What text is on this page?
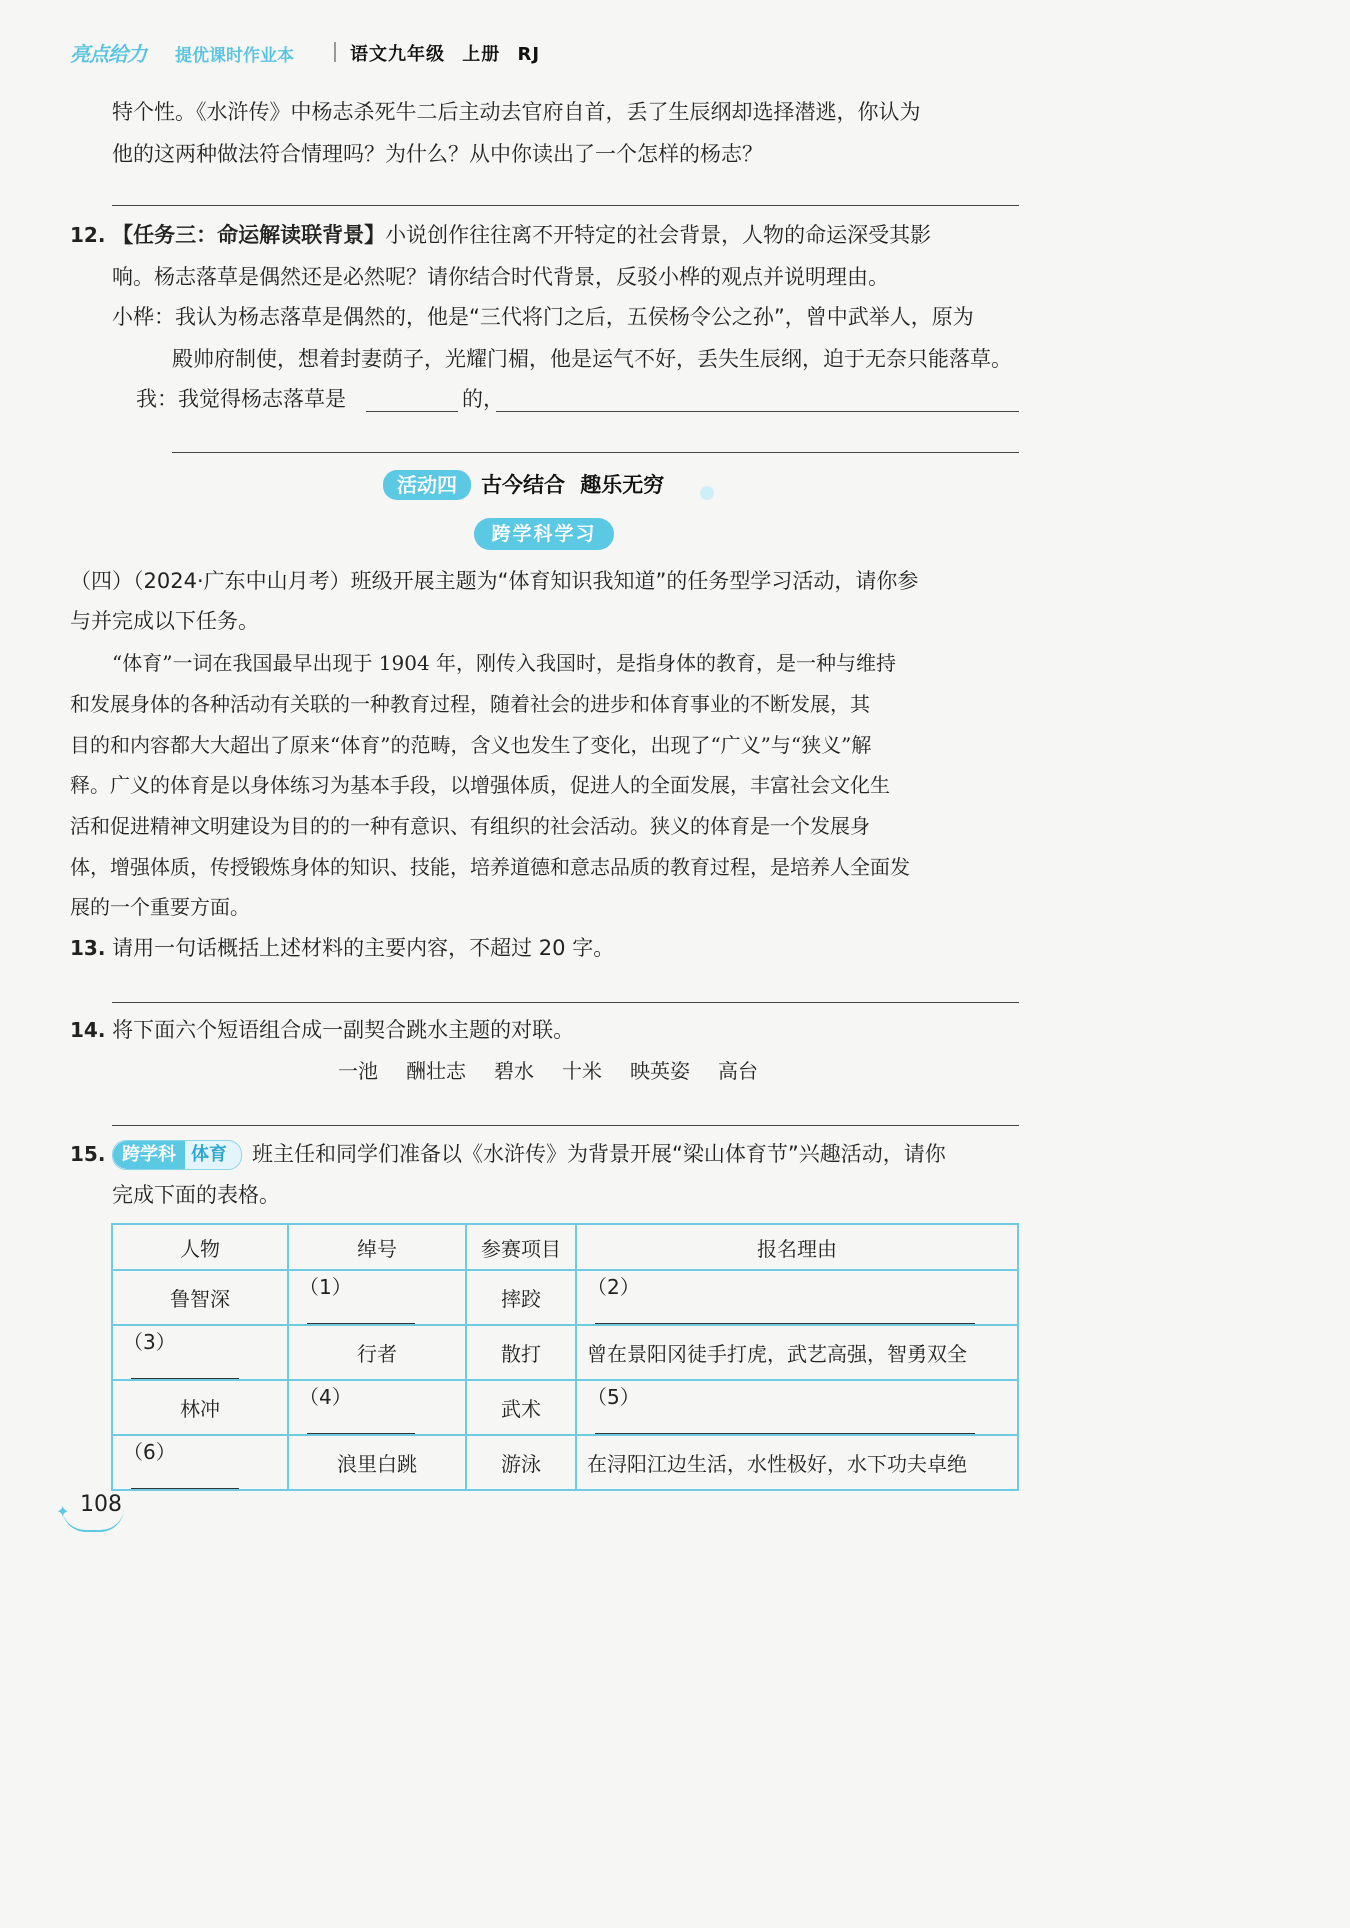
亮点给力 提优课时作业本	语文九年级 上册 RJ
特个性。《水浒传》中杨志杀死牛二后主动去官府自首，丢了生辰纲却选择潜逃，你认为
他的这两种做法符合情理吗？为什么？从中你读出了一个怎样的杨志？
12. 【任务三：命运解读联背景】小说创作往往离不开特定的社会背景，人物的命运深受其影
响。杨志落草是偶然还是必然呢？请你结合时代背景，反驳小桦的观点并说明理由。
小桦：我认为杨志落草是偶然的，他是“三代将门之后，五侯杨令公之孙”，曾中武举人，原为
殿帅府制使，想着封妻荫子，光耀门楣，他是运气不好，丢失生辰纲，迫于无奈只能落草。
我：我觉得杨志落草是	的，
活动四	古今结合 趣乐无穷
跨学科学习
（四）（2024·广东中山月考）班级开展主题为“体育知识我知道”的任务型学习活动，请你参
与并完成以下任务。
“体育”一词在我国最早出现于 1904 年，刚传入我国时，是指身体的教育，是一种与维持
和发展身体的各种活动有关联的一种教育过程，随着社会的进步和体育事业的不断发展，其
目的和内容都大大超出了原来“体育”的范畴，含义也发生了变化，出现了“广义”与“狭义”解
释。广义的体育是以身体练习为基本手段，以增强体质，促进人的全面发展，丰富社会文化生
活和促进精神文明建设为目的的一种有意识、有组织的社会活动。狭义的体育是一个发展身
体，增强体质，传授锻炼身体的知识、技能，培养道德和意志品质的教育过程，是培养人全面发
展的一个重要方面。
13. 请用一句话概括上述材料的主要内容，不超过 20 字。
14. 将下面六个短语组合成一副契合跳水主题的对联。
一池 酬壮志 碧水 十米 映英姿 高台
15. 跨学科 体育 班主任和同学们准备以《水浒传》为背景开展“梁山体育节”兴趣活动，请你
完成下面的表格。
人物	绰号	参赛项目	报名理由
鲁智深	（1）	摔跤	（2）
（3）	行者	散打	曾在景阳冈徒手打虎，武艺高强，智勇双全
林冲	（4）	武术	（5）
（6）	浪里白跳	游泳	在浔阳江边生活，水性极好，水下功夫卓绝
✦ 108
